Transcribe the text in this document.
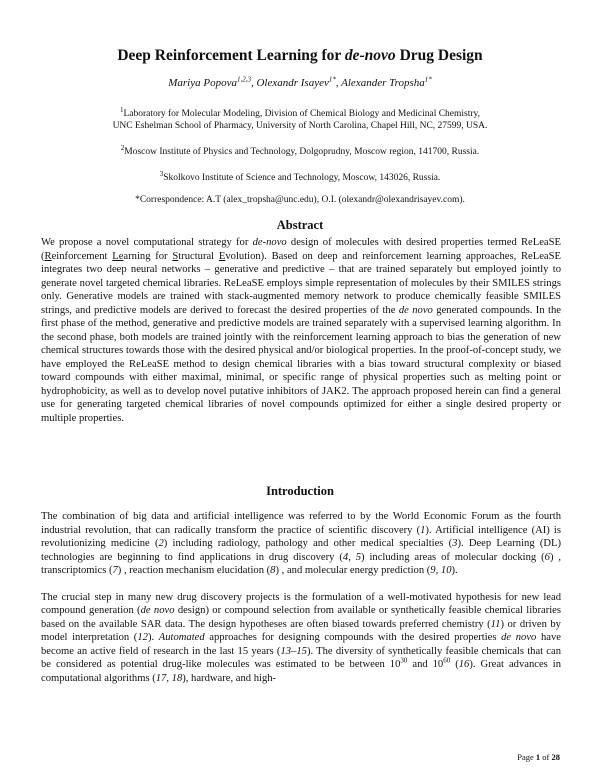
Deep Reinforcement Learning for de-novo Drug Design
Mariya Popova$^{1,2,3}$, Olexandr Isayev$^{1*}$, Alexander Tropsha$^{1*}$
$^1$Laboratory for Molecular Modeling, Division of Chemical Biology and Medicinal Chemistry,
UNC Eshelman School of Pharmacy, University of North Carolina, Chapel Hill, NC, 27599, USA.
$^2$Moscow Institute of Physics and Technology, Dolgoprudny, Moscow region, 141700, Russia.
$^3$Skolkovo Institute of Science and Technology, Moscow, 143026, Russia.
*Correspondence: A.T (alex_tropsha@unc.edu), O.I. (olexandr@olexandrisayev.com).
Abstract

We propose a novel computational strategy for de-novo design of molecules with desired properties termed ReLeaSE (Reinforcement Learning for Structural Evolution). Based on deep and reinforcement learning approaches, ReLeaSE integrates two deep neural networks – generative and predictive – that are trained separately but employed jointly to generate novel targeted chemical libraries. ReLeaSE employs simple representation of molecules by their SMILES strings only. Generative models are trained with stack-augmented memory network to produce chemically feasible SMILES strings, and predictive models are derived to forecast the desired properties of the de novo generated compounds. In the first phase of the method, generative and predictive models are trained separately with a supervised learning algorithm. In the second phase, both models are trained jointly with the reinforcement learning approach to bias the generation of new chemical structures towards those with the desired physical and/or biological properties. In the proof-of-concept study, we have employed the ReLeaSE method to design chemical libraries with a bias toward structural complexity or biased toward compounds with either maximal, minimal, or specific range of physical properties such as melting point or hydrophobicity, as well as to develop novel putative inhibitors of JAK2. The approach proposed herein can find a general use for generating targeted chemical libraries of novel compounds optimized for either a single desired property or multiple properties.

Introduction

The combination of big data and artificial intelligence was referred to by the World Economic Forum as the fourth industrial revolution, that can radically transform the practice of scientific discovery (1). Artificial intelligence (AI) is revolutionizing medicine (2) including radiology, pathology and other medical specialties (3). Deep Learning (DL) technologies are beginning to find applications in drug discovery (4, 5) including areas of molecular docking (6) , transcriptomics (7) , reaction mechanism elucidation (8) , and molecular energy prediction (9, 10).

The crucial step in many new drug discovery projects is the formulation of a well-motivated hypothesis for new lead compound generation (de novo design) or compound selection from available or synthetically feasible chemical libraries based on the available SAR data. The design hypotheses are often biased towards preferred chemistry (11) or driven by model interpretation (12). Automated approaches for designing compounds with the desired properties de novo have become an active field of research in the last 15 years (13–15). The diversity of synthetically feasible chemicals that can be considered as potential drug-like molecules was estimated to be between $10^{30}$ and $10^{60}$ (16). Great advances in computational algorithms (17, 18), hardware, and high-

Page 1 of 28
